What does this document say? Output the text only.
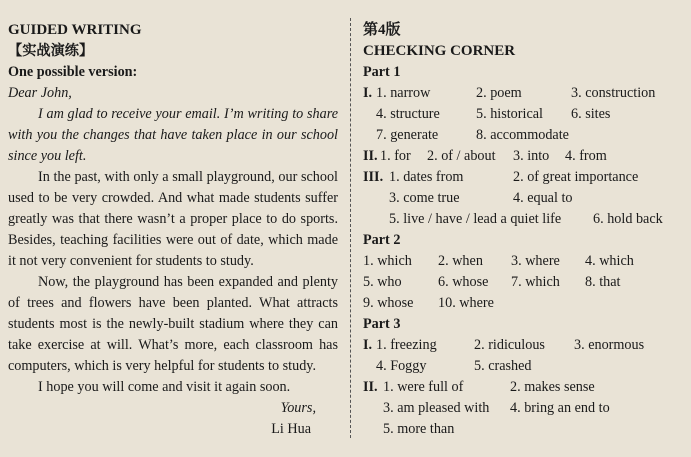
GUIDED WRITING
【实战演练】
One possible version:
Dear John,

I am glad to receive your email. I’m writing to share with you the changes that have taken place in our school since you left.

In the past, with only a small playground, our school used to be very crowded. And what made students suffer greatly was that there wasn’t a proper place to do sports. Besides, teaching facilities were out of date, which made it not very convenient for students to study.

Now, the playground has been expanded and plenty of trees and flowers have been planted. What attracts students most is the newly-built stadium where they can take exercise at will. What’s more, each classroom has computers, which is very helpful for students to study.

I hope you will come and visit it again soon.

Yours,

Li Hua

第4版
CHECKING CORNER
Part 1
I. 1. narrow	2. poem	3. construction
4. structure	5. historical 6. sites
7. generate	8. accommodate
II. 1. for 2. of / about 3. into 4. from
III. 1. dates from	2. of great importance
3. come true	4. equal to
5. live / have / lead a quiet life 6. hold back
Part 2
1. which 2. when 3. where 4. which
5. who	6. whose 7. which 8. that
9. whose 10. where
Part 3
I. 1. freezing	2. ridiculous 3. enormous
4. Foggy	5. crashed
II. 1. were full of	2. makes sense
3. am pleased with 4. bring an end to
5. more than
